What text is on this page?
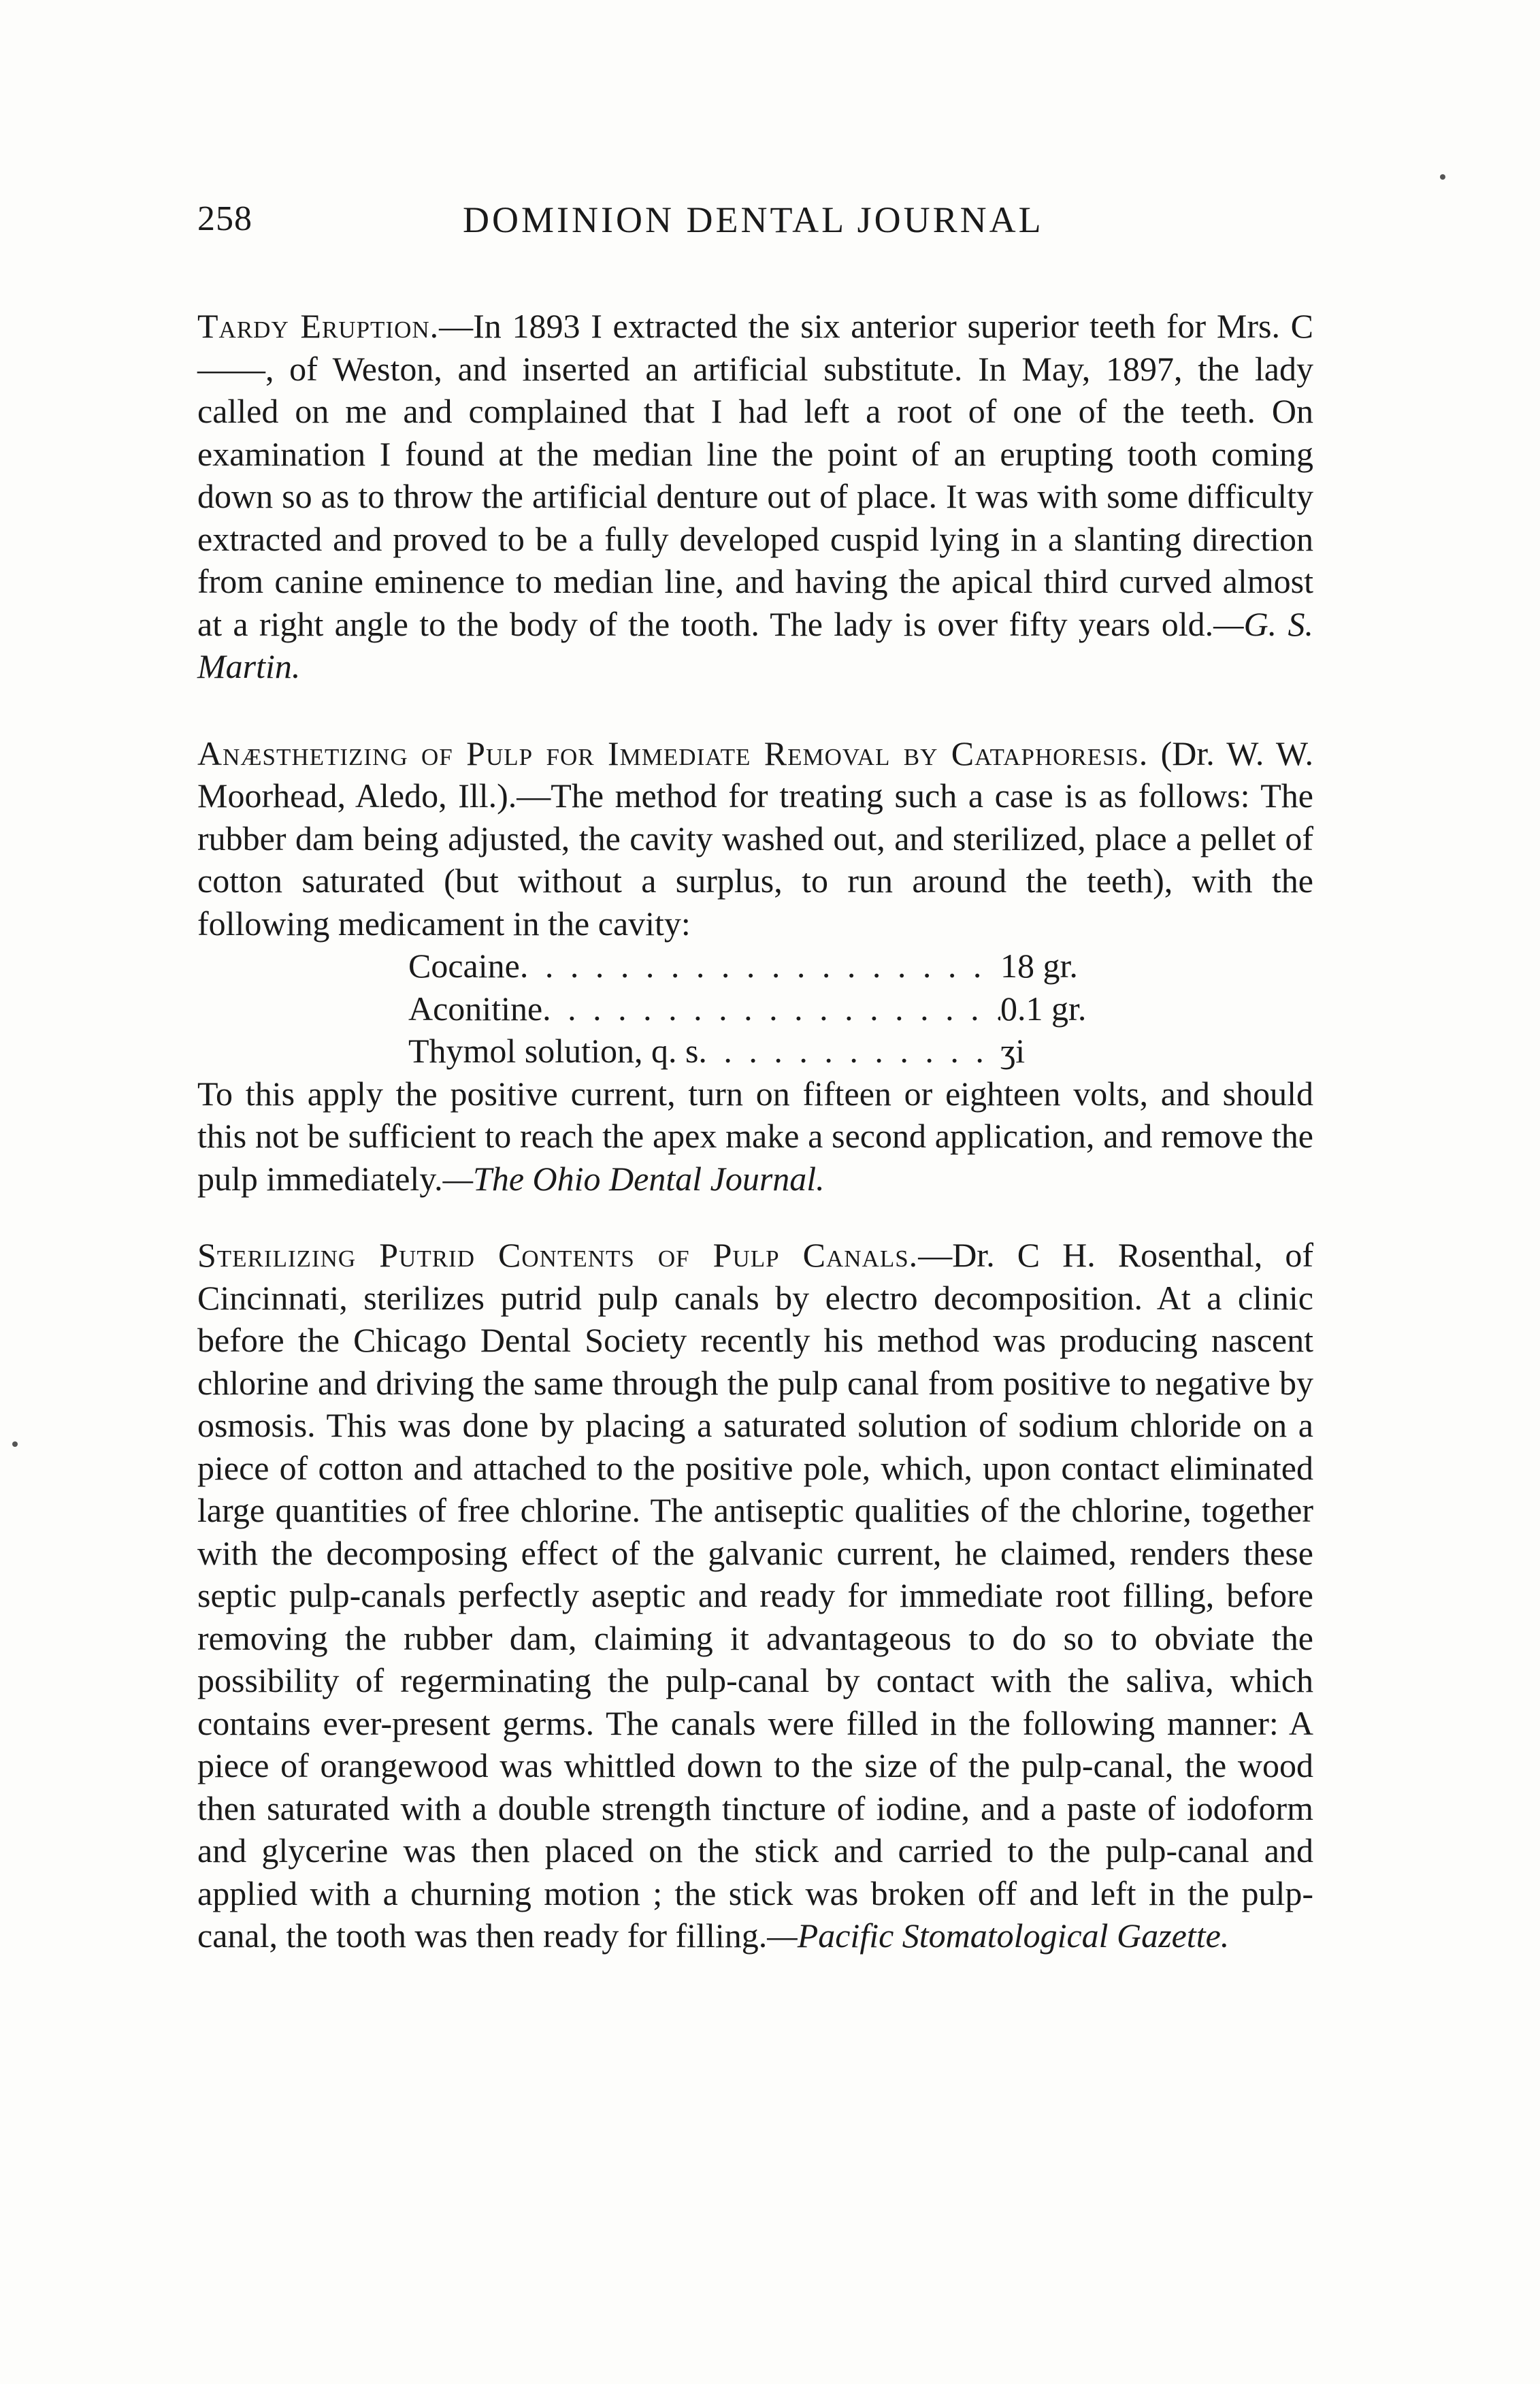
258	DOMINION DENTAL JOURNAL

Tardy Eruption.—In 1893 I extracted the six anterior superior teeth for Mrs. C——, of Weston, and inserted an artificial substitute. In May, 1897, the lady called on me and complained that I had left a root of one of the teeth. On examination I found at the median line the point of an erupting tooth coming down so as to throw the artificial denture out of place. It was with some difficulty extracted and proved to be a fully developed cuspid lying in a slanting direction from canine eminence to median line, and having the apical third curved almost at a right angle to the body of the tooth. The lady is over fifty years old.—G. S. Martin.

Anæsthetizing of Pulp for Immediate Removal by Cataphoresis. (Dr. W. W. Moorhead, Aledo, Ill.).—The method for treating such a case is as follows: The rubber dam being adjusted, the cavity washed out, and sterilized, place a pellet of cotton saturated (but without a surplus, to run around the teeth), with the following medicament in the cavity:

Cocaine . . .	18 gr.
Aconitine . . .	0.1 gr.
Thymol solution, q. s . . .	ʒi

To this apply the positive current, turn on fifteen or eighteen volts, and should this not be sufficient to reach the apex make a second application, and remove the pulp immediately.—The Ohio Dental Journal.

Sterilizing Putrid Contents of Pulp Canals.—Dr. C H. Rosenthal, of Cincinnati, sterilizes putrid pulp canals by electro decomposition. At a clinic before the Chicago Dental Society recently his method was producing nascent chlorine and driving the same through the pulp canal from positive to negative by osmosis. This was done by placing a saturated solution of sodium chloride on a piece of cotton and attached to the positive pole, which, upon contact eliminated large quantities of free chlorine. The antiseptic qualities of the chlorine, together with the decomposing effect of the galvanic current, he claimed, renders these septic pulp-canals perfectly aseptic and ready for immediate root filling, before removing the rubber dam, claiming it advantageous to do so to obviate the possibility of regerminating the pulp-canal by contact with the saliva, which contains ever-present germs. The canals were filled in the following manner: A piece of orangewood was whittled down to the size of the pulp-canal, the wood then saturated with a double strength tincture of iodine, and a paste of iodoform and glycerine was then placed on the stick and carried to the pulp-canal and applied with a churning motion ; the stick was broken off and left in the pulp-canal, the tooth was then ready for filling.—Pacific Stomatological Gazette.
